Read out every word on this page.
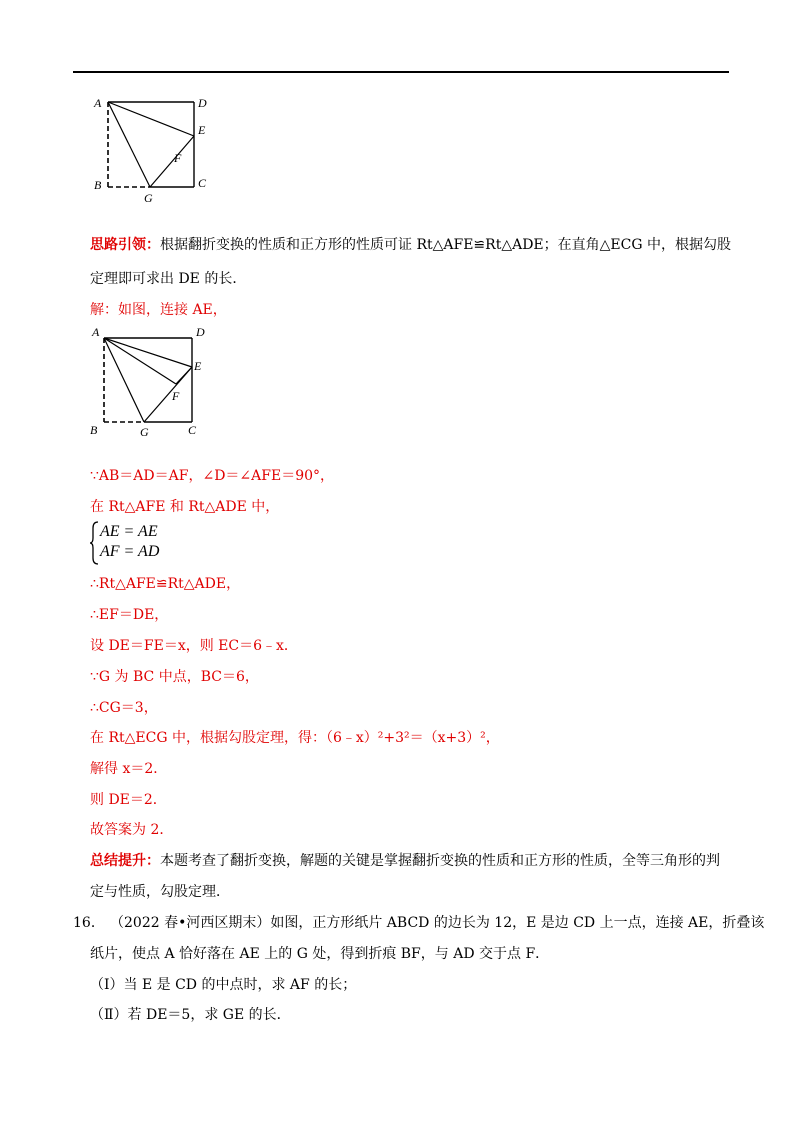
A	D
E
F
B
G
C
思路引领：根据翻折变换的性质和正方形的性质可证 Rt△AFE≌Rt△ADE；在直角△ECG 中，根据勾股
定理即可求出 DE 的长．
解：如图，连接 AE，
A	D
E
F
B	G	C
∵AB＝AD＝AF，∠D＝∠AFE＝90°，
在 Rt△AFE 和 Rt△ADE 中，
AE = AE
AF = AD
∴Rt△AFE≌Rt△ADE，
∴EF＝DE，
设 DE＝FE＝x，则 EC＝6﹣x．
∵G 为 BC 中点，BC＝6，
∴CG＝3，
在 Rt△ECG 中，根据勾股定理，得：（6﹣x）²+3²＝（x+3）²，
解得 x＝2．
则 DE＝2．
故答案为 2．
总结提升：本题考查了翻折变换，解题的关键是掌握翻折变换的性质和正方形的性质，全等三角形的判
定与性质，勾股定理．
16． （2022 春•河西区期末）如图，正方形纸片 ABCD 的边长为 12，E 是边 CD 上一点，连接 AE，折叠该
纸片，使点 A 恰好落在 AE 上的 G 处，得到折痕 BF，与 AD 交于点 F．
（Ⅰ）当 E 是 CD 的中点时，求 AF 的长；
（Ⅱ）若 DE＝5，求 GE 的长．
